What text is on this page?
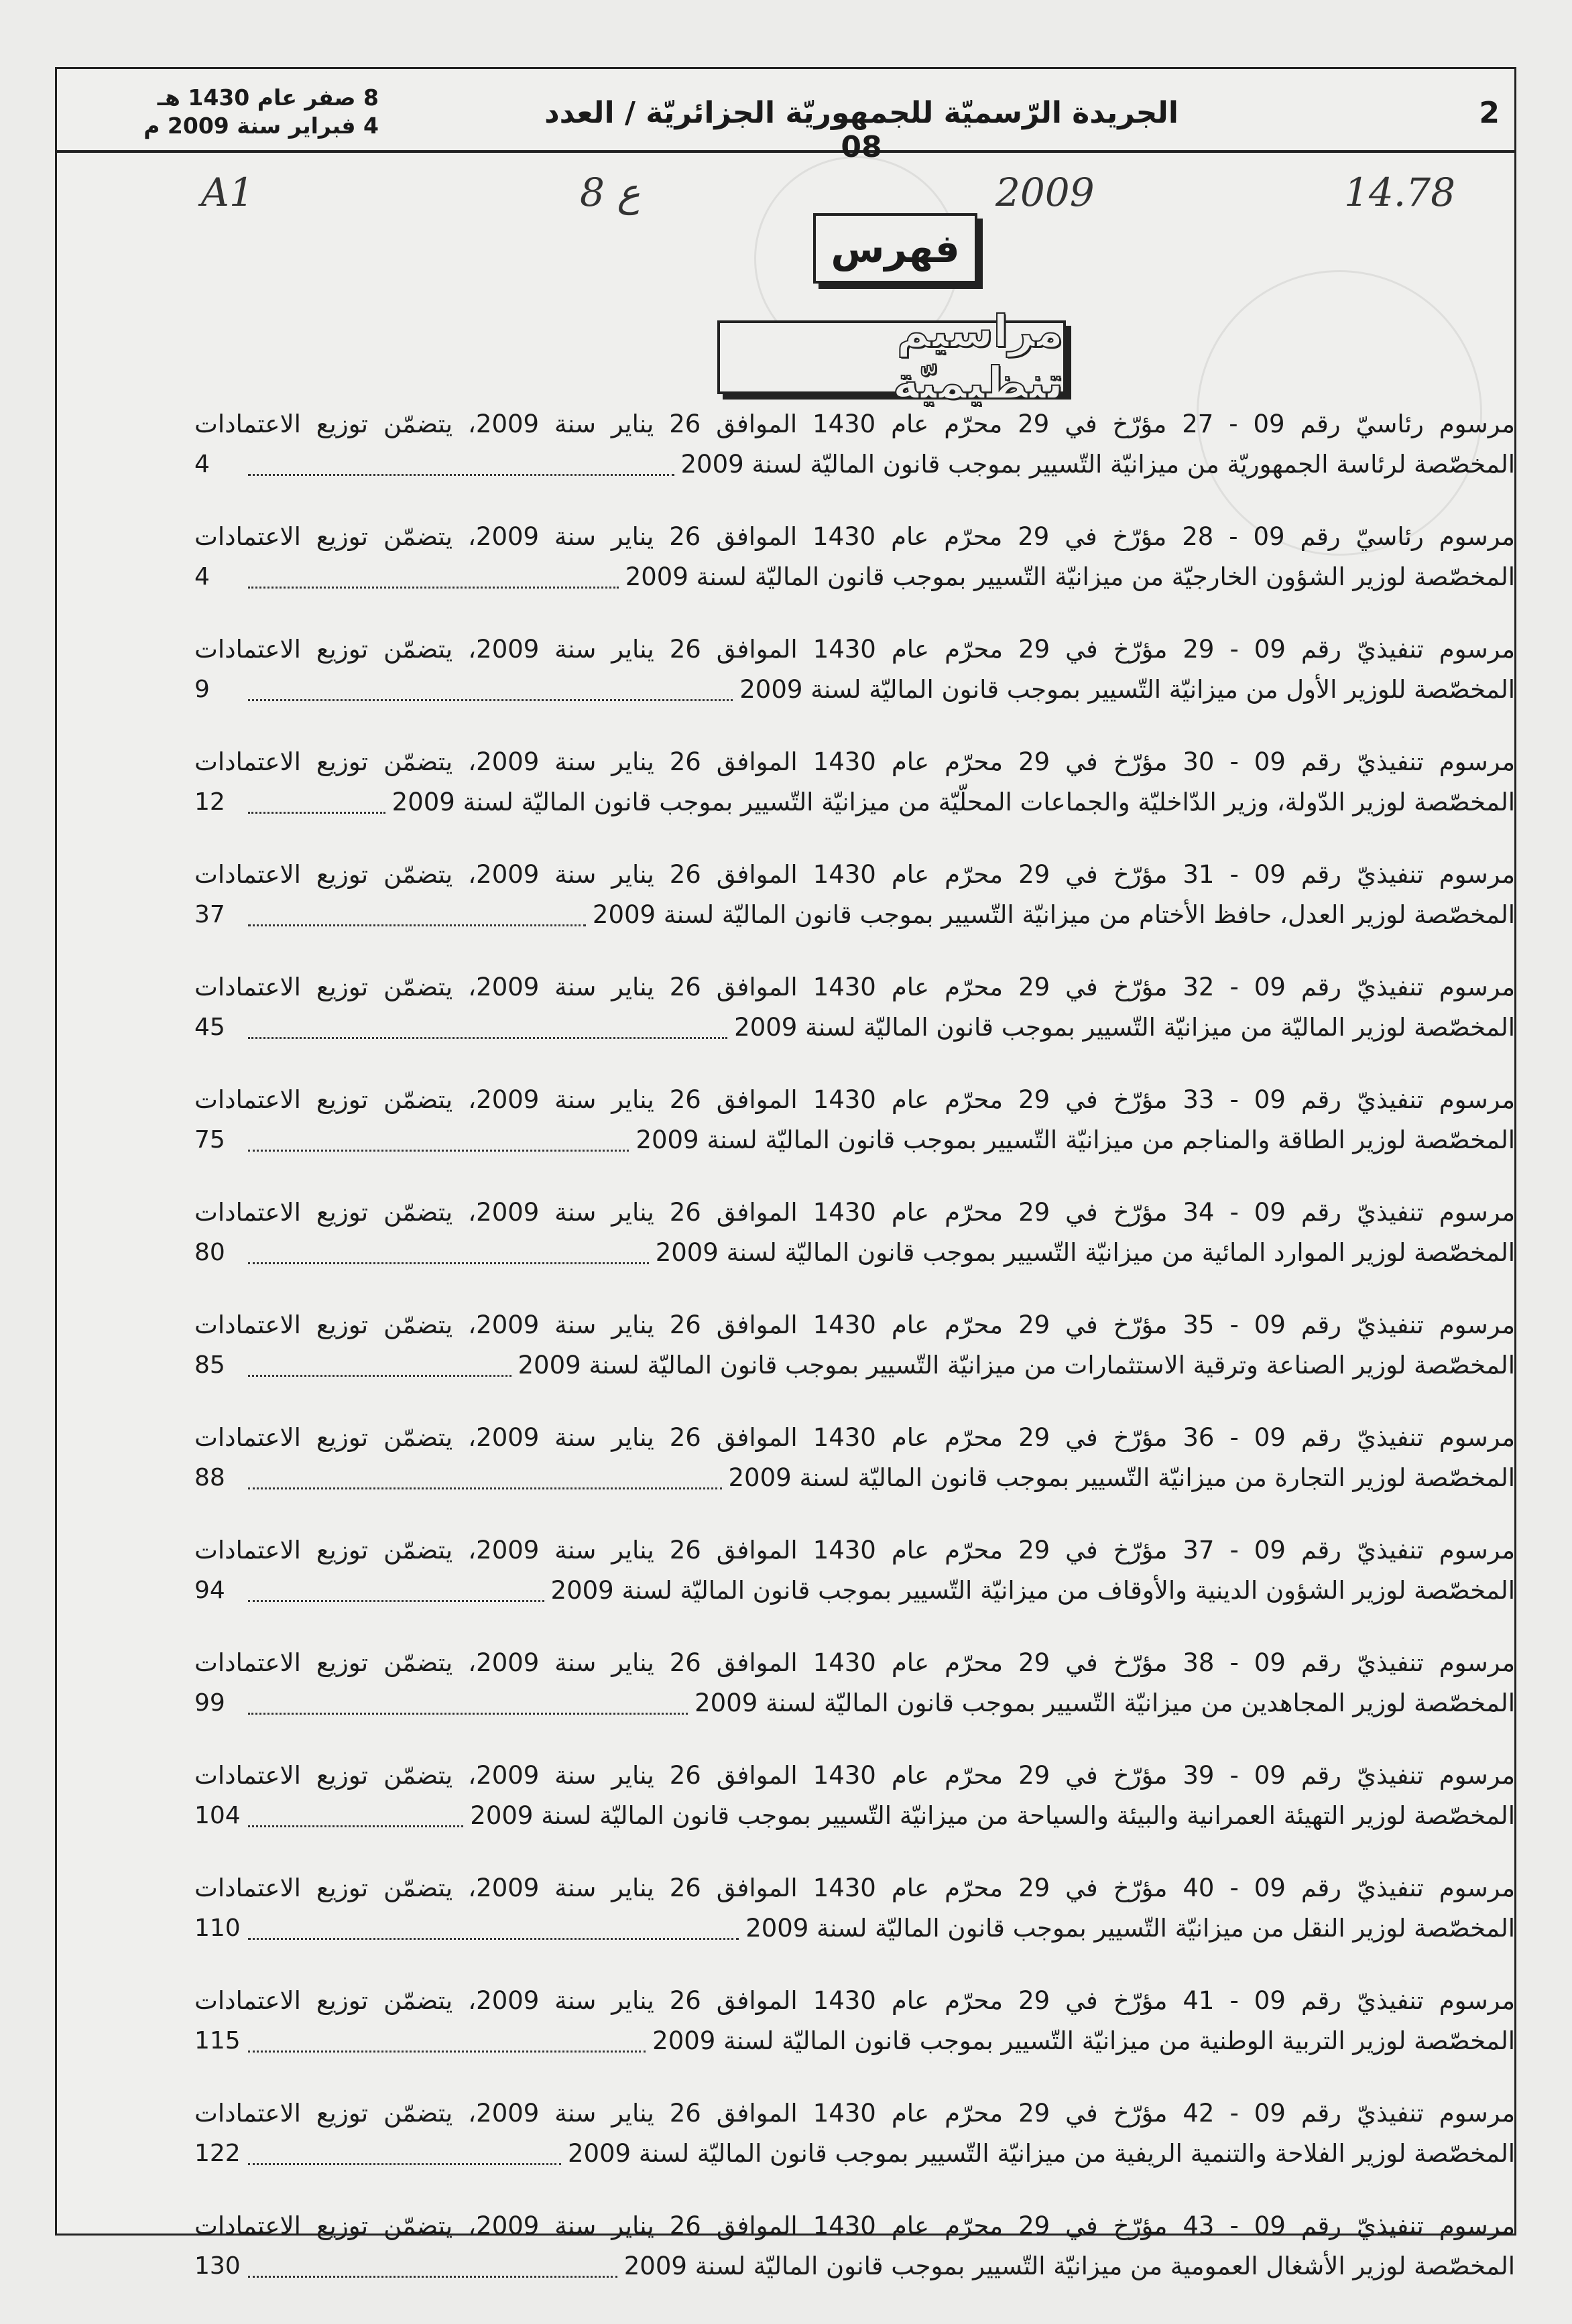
8 صفر عام 1430 هـ
4 فبراير سنة 2009 م	الجريدة الرّسميّة للجمهوريّة الجزائريّة / العدد 08
2
A1	8 ع	2009	14.78
فهرس
مراسيم تنظيميّة
مرسوم رئاسيّ رقم 09 - 27 مؤرّخ في 29 محرّم عام 1430 الموافق 26 يناير سنة 2009، يتضمّن توزيع الاعتمادات
المخصّصة لرئاسة الجمهوريّة من ميزانيّة التّسيير بموجب قانون الماليّة لسنة 2009
4
مرسوم رئاسيّ رقم 09 - 28 مؤرّخ في 29 محرّم عام 1430 الموافق 26 يناير سنة 2009، يتضمّن توزيع الاعتمادات
المخصّصة لوزير الشؤون الخارجيّة من ميزانيّة التّسيير بموجب قانون الماليّة لسنة 2009
4
مرسوم تنفيذيّ رقم 09 - 29 مؤرّخ في 29 محرّم عام 1430 الموافق 26 يناير سنة 2009، يتضمّن توزيع الاعتمادات
المخصّصة للوزير الأول من ميزانيّة التّسيير بموجب قانون الماليّة لسنة 2009
9
مرسوم تنفيذيّ رقم 09 - 30 مؤرّخ في 29 محرّم عام 1430 الموافق 26 يناير سنة 2009، يتضمّن توزيع الاعتمادات
المخصّصة لوزير الدّولة، وزير الدّاخليّة والجماعات المحلّيّة من ميزانيّة التّسيير بموجب قانون الماليّة لسنة 2009
12
مرسوم تنفيذيّ رقم 09 - 31 مؤرّخ في 29 محرّم عام 1430 الموافق 26 يناير سنة 2009، يتضمّن توزيع الاعتمادات
المخصّصة لوزير العدل، حافظ الأختام من ميزانيّة التّسيير بموجب قانون الماليّة لسنة 2009
37
مرسوم تنفيذيّ رقم 09 - 32 مؤرّخ في 29 محرّم عام 1430 الموافق 26 يناير سنة 2009، يتضمّن توزيع الاعتمادات
المخصّصة لوزير الماليّة من ميزانيّة التّسيير بموجب قانون الماليّة لسنة 2009
45
مرسوم تنفيذيّ رقم 09 - 33 مؤرّخ في 29 محرّم عام 1430 الموافق 26 يناير سنة 2009، يتضمّن توزيع الاعتمادات
المخصّصة لوزير الطاقة والمناجم من ميزانيّة التّسيير بموجب قانون الماليّة لسنة 2009
75
مرسوم تنفيذيّ رقم 09 - 34 مؤرّخ في 29 محرّم عام 1430 الموافق 26 يناير سنة 2009، يتضمّن توزيع الاعتمادات
المخصّصة لوزير الموارد المائية من ميزانيّة التّسيير بموجب قانون الماليّة لسنة 2009
80
مرسوم تنفيذيّ رقم 09 - 35 مؤرّخ في 29 محرّم عام 1430 الموافق 26 يناير سنة 2009، يتضمّن توزيع الاعتمادات
المخصّصة لوزير الصناعة وترقية الاستثمارات من ميزانيّة التّسيير بموجب قانون الماليّة لسنة 2009
85
مرسوم تنفيذيّ رقم 09 - 36 مؤرّخ في 29 محرّم عام 1430 الموافق 26 يناير سنة 2009، يتضمّن توزيع الاعتمادات
المخصّصة لوزير التجارة من ميزانيّة التّسيير بموجب قانون الماليّة لسنة 2009
88
مرسوم تنفيذيّ رقم 09 - 37 مؤرّخ في 29 محرّم عام 1430 الموافق 26 يناير سنة 2009، يتضمّن توزيع الاعتمادات
المخصّصة لوزير الشؤون الدينية والأوقاف من ميزانيّة التّسيير بموجب قانون الماليّة لسنة 2009
94
مرسوم تنفيذيّ رقم 09 - 38 مؤرّخ في 29 محرّم عام 1430 الموافق 26 يناير سنة 2009، يتضمّن توزيع الاعتمادات
المخصّصة لوزير المجاهدين من ميزانيّة التّسيير بموجب قانون الماليّة لسنة 2009
99
مرسوم تنفيذيّ رقم 09 - 39 مؤرّخ في 29 محرّم عام 1430 الموافق 26 يناير سنة 2009، يتضمّن توزيع الاعتمادات
المخصّصة لوزير التهيئة العمرانية والبيئة والسياحة من ميزانيّة التّسيير بموجب قانون الماليّة لسنة 2009
104
مرسوم تنفيذيّ رقم 09 - 40 مؤرّخ في 29 محرّم عام 1430 الموافق 26 يناير سنة 2009، يتضمّن توزيع الاعتمادات
المخصّصة لوزير النقل من ميزانيّة التّسيير بموجب قانون الماليّة لسنة 2009
110
مرسوم تنفيذيّ رقم 09 - 41 مؤرّخ في 29 محرّم عام 1430 الموافق 26 يناير سنة 2009، يتضمّن توزيع الاعتمادات
المخصّصة لوزير التربية الوطنية من ميزانيّة التّسيير بموجب قانون الماليّة لسنة 2009
115
مرسوم تنفيذيّ رقم 09 - 42 مؤرّخ في 29 محرّم عام 1430 الموافق 26 يناير سنة 2009، يتضمّن توزيع الاعتمادات
المخصّصة لوزير الفلاحة والتنمية الريفية من ميزانيّة التّسيير بموجب قانون الماليّة لسنة 2009
122
مرسوم تنفيذيّ رقم 09 - 43 مؤرّخ في 29 محرّم عام 1430 الموافق 26 يناير سنة 2009، يتضمّن توزيع الاعتمادات
المخصّصة لوزير الأشغال العمومية من ميزانيّة التّسيير بموجب قانون الماليّة لسنة 2009
130
